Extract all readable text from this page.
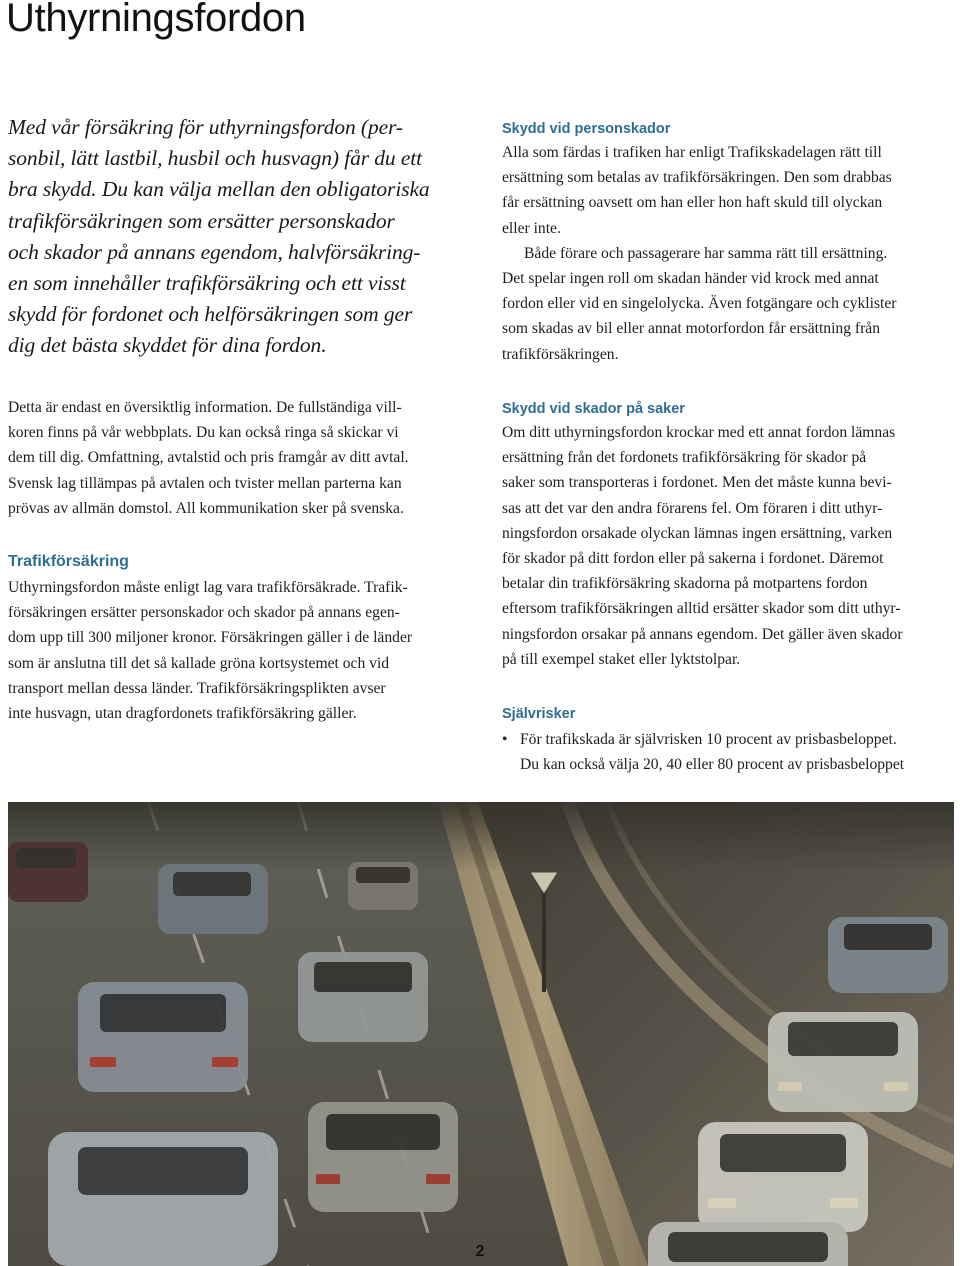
Uthyrningsfordon

Med vår försäkring för uthyrningsfordon (per-

sonbil, lätt lastbil, husbil och husvagn) får du ett

bra skydd. Du kan välja mellan den obligatoriska

trafikförsäkringen som ersätter personskador

och skador på annans egendom, halvförsäkring-

en som innehåller trafikförsäkring och ett visst

skydd för fordonet och helförsäkringen som ger

dig det bästa skyddet för dina fordon.

Detta är endast en översiktlig information. De fullständiga vill-

koren finns på vår webbplats. Du kan också ringa så skickar vi

dem till dig. Omfattning, avtalstid och pris framgår av ditt avtal.

Svensk lag tillämpas på avtalen och tvister mellan parterna kan

prövas av allmän domstol. All kommunikation sker på svenska.

Trafikförsäkring

Uthyrningsfordon måste enligt lag vara trafikförsäkrade. Trafik-

försäkringen ersätter personskador och skador på annans egen-

dom upp till 300 miljoner kronor. Försäkringen gäller i de länder

som är anslutna till det så kallade gröna kortsystemet och vid

transport mellan dessa länder. Trafikförsäkringsplikten avser

inte husvagn, utan dragfordonets trafikförsäkring gäller.

Skydd vid personskador

Alla som färdas i trafiken har enligt Trafikskadelagen rätt till

ersättning som betalas av trafikförsäkringen. Den som drabbas

får ersättning oavsett om han eller hon haft skuld till olyckan

eller inte.

Både förare och passagerare har samma rätt till ersättning.

Det spelar ingen roll om skadan händer vid krock med annat

fordon eller vid en singelolycka. Även fotgängare och cyklister

som skadas av bil eller annat motorfordon får ersättning från

trafikförsäkringen.

Skydd vid skador på saker

Om ditt uthyrningsfordon krockar med ett annat fordon lämnas

ersättning från det fordonets trafikförsäkring för skador på

saker som transporteras i fordonet. Men det måste kunna bevi-

sas att det var den andra förarens fel. Om föraren i ditt uthyr-

ningsfordon orsakade olyckan lämnas ingen ersättning, varken

för skador på ditt fordon eller på sakerna i fordonet. Däremot

betalar din trafikförsäkring skadorna på motpartens fordon

eftersom trafikförsäkringen alltid ersätter skador som ditt uthyr-

ningsfordon orsakar på annans egendom. Det gäller även skador

på till exempel staket eller lyktstolpar.

Självrisker
• För trafikskada är självrisken 10 procent av prisbasbeloppet.
Du kan också välja 20, 40 eller 80 procent av prisbasbeloppet
2
